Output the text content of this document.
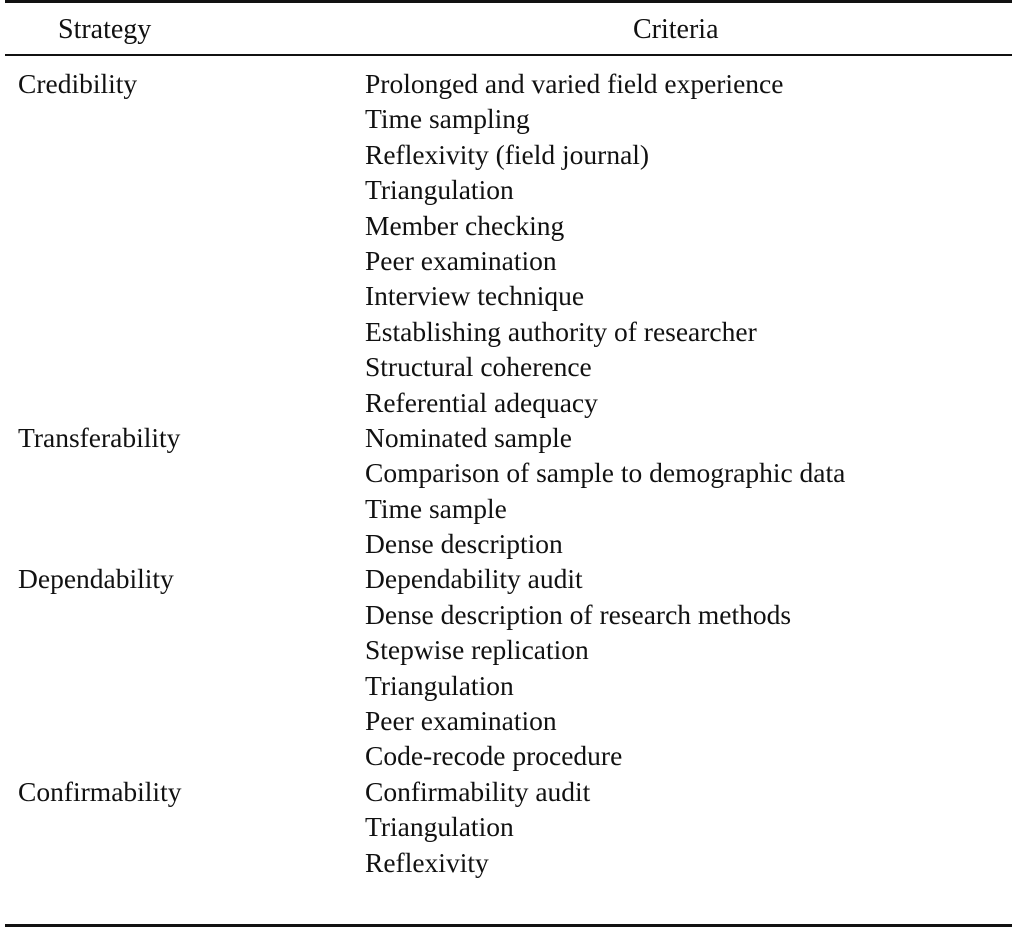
Strategy	Criteria
Credibility	Prolonged and varied field experience
Time sampling
Reflexivity (field journal)
Triangulation
Member checking
Peer examination
Interview technique
Establishing authority of researcher
Structural coherence
Referential adequacy
Transferability	Nominated sample
Comparison of sample to demographic data
Time sample
Dense description
Dependability	Dependability audit
Dense description of research methods
Stepwise replication
Triangulation
Peer examination
Code-recode procedure
Confirmability	Confirmability audit
Triangulation
Reflexivity
